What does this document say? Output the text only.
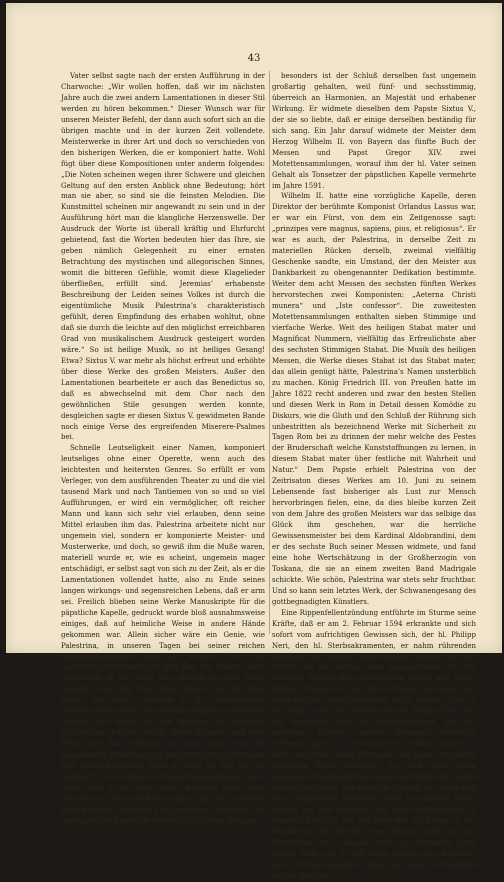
43

Vater selbst sagte nach der ersten Aufführung in der Charwoche: „Wir wollen hoffen, daß wir im nächsten Jahre auch die zwei andern Lamentationen in dieser Stil werden zu hören bekommen.“ Dieser Wunsch war für unseren Meister Befehl, der dann auch sofort sich an die übrigen machte und in der kurzen Zeit vollendete. Meisterwerke in ihrer Art und doch so verschieden von den bisherigen Werken, die er komponiert hatte. Wohl fügt über diese Kompositionen unter anderm folgendes: „Die Noten scheinen wegen ihrer Schwere und gleichen Geltung auf den ersten Anblick ohne Bedeutung; hört man sie aber, so sind sie die feinsten Melodien. Die Kunstmittel scheinen mir angewandt zu sein und in der Ausführung hört man die klangliche Herzenswelle. Der Ausdruck der Worte ist überall kräftig und Ehrfurcht gebietend, fast die Worten bedeuten hier das Ihre, sie geben nämlich Gelegenheit zu einer ernsten Betrachtung des mystischen und allegorischen Sinnes, womit die bitteren Gefühle, womit diese Klagelieder überfließen, erfüllt sind. Jeremias’ erhabenste Beschreibung der Leiden seines Volkes ist durch die eigentümliche Musik Palestrina’s charakteristisch gefühlt, deren Empfindung des erhaben wohltut, ohne daß sie durch die leichte auf den möglichst erreichbaren Grad von musikalischem Ausdruck gesteigert worden wäre.“ So ist heilige Musik, so ist heiliges Gesang! Etwa? Sixtus V. war mehr als höchst erfreut und erhöhte über diese Werke des großen Meisters. Außer den Lamentationen bearbeitete er auch das Benedictus so, daß es abwechselnd mit dem Chor nach den gewöhnlichen Stile gesungen werden konnte, desgleichen sagte er diesen Sixtus V. gewidmeten Bande noch einige Verse des ergreifenden Miserere-Psalmes bei.

Schnelle Leutseligkeit einer Namen, komponiert leutseliges ohne einer Operette, wenn auch des leichtesten und heitersten Genres. So erfüllt er vom Verleger, von dem ausführenden Theater zu und die viel tausend Mark und nach Tantiemen von so und so viel Aufführungen, er wird ein vermöglicher, oft reicher Mann und kann sich sehr viel erlauben, denn seine Mittel erlauben ihm das. Palestrina arbeitete nicht nur ungemein viel, sondern er komponierte Meister- und Musterwerke, und doch, so gewiß ihm die Muße waren, materiell wurde er, wie es scheint, ungemein mager entschädigt, er selbst sagt von sich zu der Zeit, als er die Lamentationen vollendet hatte, also zu Ende seines langen wirkungs- und segensreichen Lebens, daß er arm sei. Freilich blieben seine Werke Manuskripte für die päpstliche Kapelle, gedruckt wurde bloß ausnahmsweise einiges, daß auf heimliche Weise in andere Hände gekommen war. Allein sicher wäre ein Genie, wie Palestrina, in unseren Tagen bei seiner reichen Schaffensfreudigkeit bald ein Krösus. Trotz der materiellen Mißstände ließ sich aber der Meister nicht verdrießen, er war eben kein Mensch um sein Ruhm gewöhnt, kein Tag blieb ohne Linien, bei ihm ohne Noten, und sofort, nachdem er die Lamentationen beendet hatte, warf er sich wieder energisch auf frühere Studien und lehrte zu den Hymnen der römisch-katholischen Kirche zurück. Diese Hymnen sind dem Texte nach das Schönste, was man kennt, was die Komponisten Palestrina’s zu den herrlichsten schwungen sich diesen herrlichen Texte so innig an, daß sie von Meister für alle Zeiten als Meisterdokumentation, auch dann, wenn er gar nicht anders gefunden hätte, denn man hört mit Fug und Recht sagen, daß sich in keinem andern Werke Palestrina’s so gewaltige Feinheiten des musikalischen Ausdrucks finden, als in diesen Hymnen,

besonders ist der Schluß derselben fast ungemein großartig gehalten, weil fünf- und sechsstimmig, überreich an Harmonien, an Majestät und erhabener Wirkung. Er widmete dieselben dem Papste Sixtus V., der sie so liebte, daß er einige derselben beständig für sich sang. Ein Jahr darauf widmete der Meister dem Herzog Wilhelm II. von Bayern das fünfte Buch der Messen und Papst Gregor XIV. zwei Motettensammlungen, worauf ihm der hl. Vater seinen Gehalt als Tonsetzer der päpstlichen Kapelle vermehrte im Jahre 1591.

Wilhelm II. hatte eine vorzügliche Kapelle, deren Direktor der berühmte Komponist Orlandus Lassus war, er war ein Fürst, von dem ein Zeitgenosse sagt: „prinzipes vere magnus, sapiens, pius, et religiosus“. Er war es auch, der Palestrina, in derselbe Zeit zu materiellen Rücken derselb, zweimal vielfältig Geschenke sandte, ein Umstand, der den Meister aus Dankbarkeit zu obengenannter Dedikation bestimmte. Weiter dem acht Messen des sechsten fünften Werkes hervorstechen zwei Komponisten: „Aeterna Christi munera“ und „Iste confessor“. Die zuweitesten Motettensammlungen enthalten sieben Stimmige und vierfache Werke. Weit des heiligen Stabat mater und Magnificat Nummern, vielfältig das Erfreulichste aber des sechsten Stimmigen Stabat. Die Musik des heiligen Messen, die Werke dieses Stabat ist das Stabat mater, das allein genügt hätte, Palestrina’s Namen unsterblich zu machen. König Friedrich III. von Preußen hatte im Jahre 1822 recht anderen und zwar den besten Stellen und diesen Werk in Rom in Detail dessen Komödie zu Diskurs, wie die Gluth und den Schluß der Rührung sich unbestritten als bezeichnend Werke mit Sicherheit zu Tagen Rom bei zu drinnen der mehr welche des Festes der Bruderschaft welche Kunststoffnungen zu lernen, in diesem Stabat mater über festliche mit Wahrheit und Natur.“ Dem Papste erhielt Palestrina von der Zeitrisaton dieses Werkes am 10. Juni zu seinem Lebensende fast bisheriger als Lust zur Mensch hervorbringen fielen, eine, da dies bleibe kurzen Zeit von dem Jahre des großen Meisters war das selbige das Glück ihm geschehen, war die herrliche Gewissensmeister bei dem Kardinal Aldobrandini, dem er des sechste Buch seiner Messen widmete, und fand eine hohe Wertschätzung in der Großherzogin von Toskana, die sie an einem zweiten Band Madrigale schickte. Wie schön, Palestrina war stets sehr fruchtbar. Und so kann sein letztes Werk, der Schwanengesang des gottbegnadigten Künstlers.

Eine Rippenfellentzündung entführte im Sturme seine Kräfte, daß er am 2. Februar 1594 erkrankte und sich sofort vom aufrichtigen Gewissen sich, der hl. Philipp Neri, den hl. Sterbsakramenten, er nahm rührenden Abschied von seinem Sohne Iginio, segnete ihn und erteilte ihm den Auftrag, seine Kompositionen zur Ehre und zum Ruhme des allerhöchsten Gottes und seines heiligen Dienstes in der Kirche drucken zu lassen, und starb am Feste Mariä Reinigung, den 2. Februar 1594, in der Frühe unter den Gebeten des hl. Philipp Neri, der ihn besonders und die Himmelskönigin und ihr mächtiges Fürbitte tausend, kommend Palestrina sterbend sagte: „Ja, ich wünsche es herzlich: möchte ich lieber als Mann, meine Platinaria, halt Gnade von ihrem göttlichen Sohne erflehen!“ So starb nach einem ungemein schaffensreichen Leben und Wirken der große Meister der Musik, der demütige Mensch, der durch und durch katholische Palestrina. Wäre er während seines Lebens nur arm gewesen, daß große Widrigkeiten zu kämpfen hatte, so war der Herr erst auf Erden an das Wunderbare der Kirche seiner Kirche erlebt, wie die Herrlichkeit der heiligen Vater er verstanden hatte seinen Dank und es mit allem Ehren eines Kardinals oder Fürsten begraben, indem man seine Leichenhülle auf der Basilika
